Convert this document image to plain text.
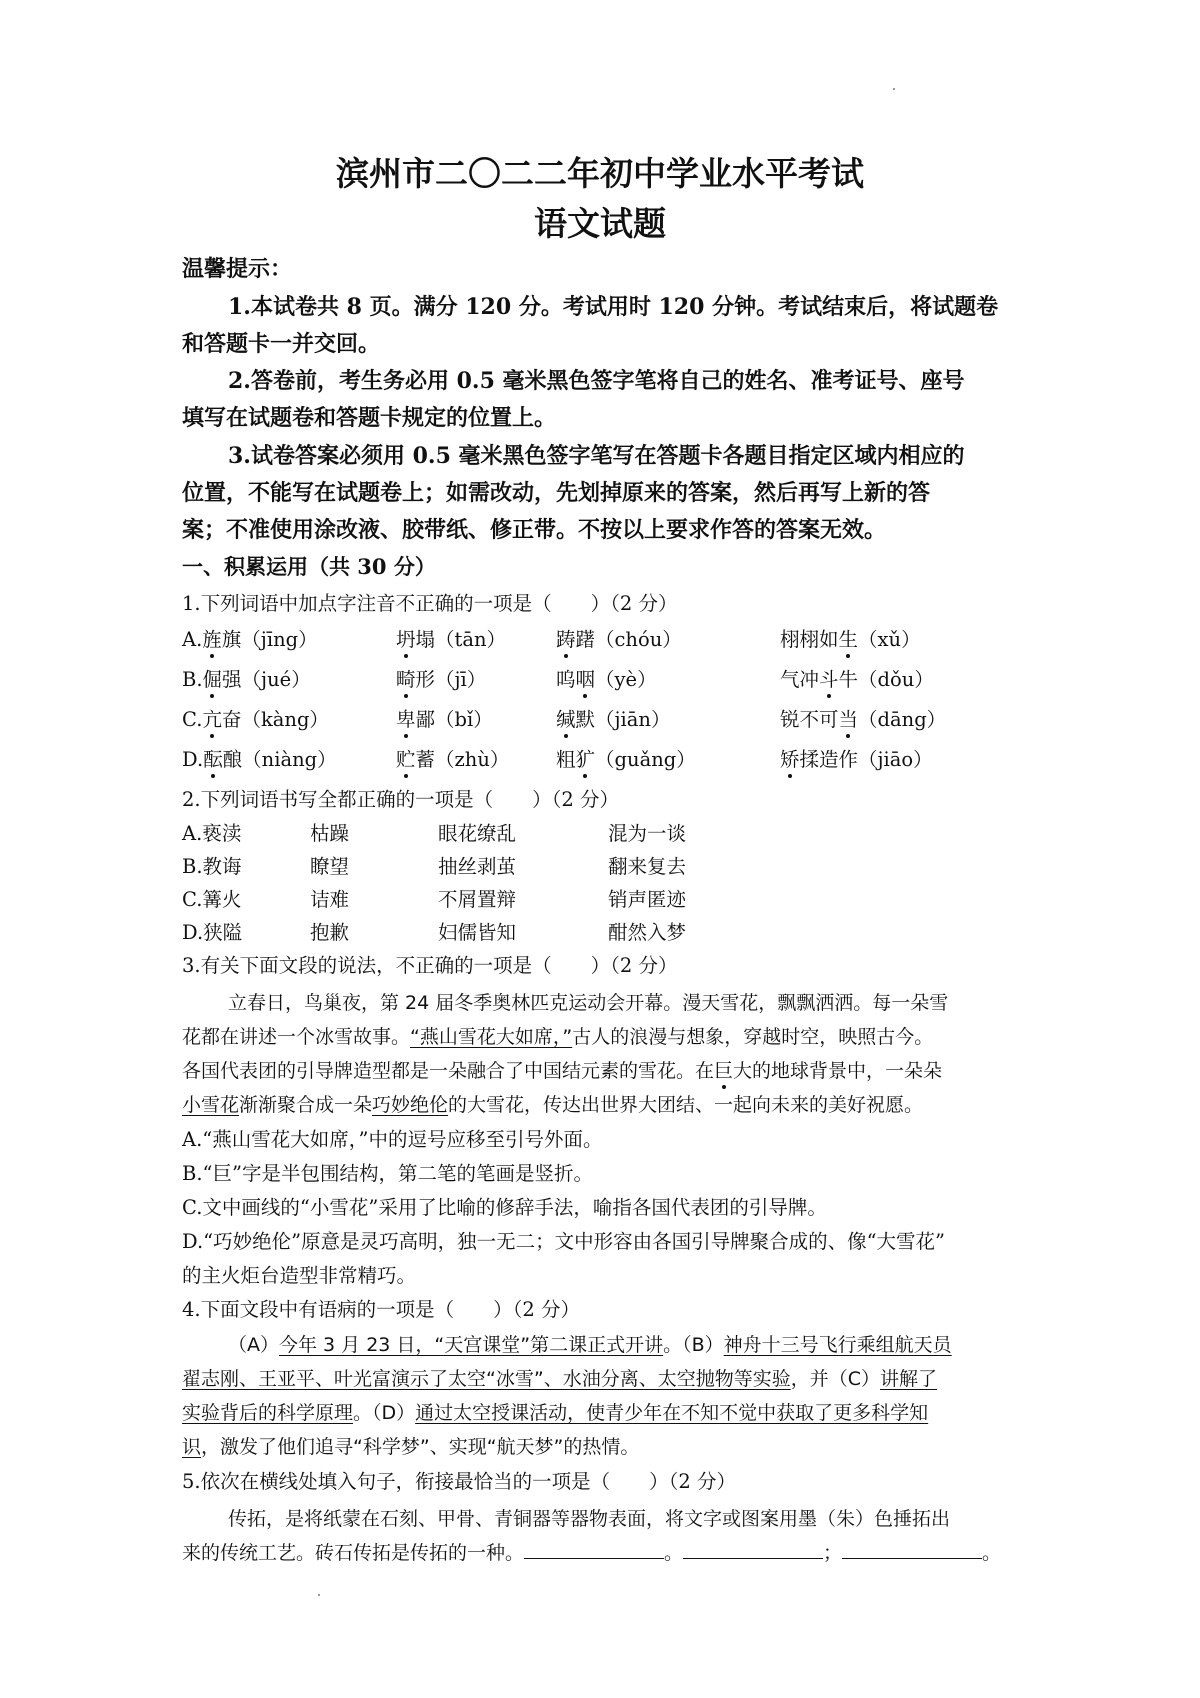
滨州市二〇二二年初中学业水平考试
语文试题
温馨提示：
1.本试卷共 8 页。满分 120 分。考试用时 120 分钟。考试结束后，将试题卷
和答题卡一并交回。
2.答卷前，考生务必用 0.5 毫米黑色签字笔将自己的姓名、准考证号、座号
填写在试题卷和答题卡规定的位置上。
3.试卷答案必须用 0.5 毫米黑色签字笔写在答题卡各题目指定区域内相应的
位置，不能写在试题卷上；如需改动，先划掉原来的答案，然后再写上新的答
案；不准使用涂改液、胶带纸、修正带。不按以上要求作答的答案无效。
一、积累运用（共 30 分）
1.下列词语中加点字注音不正确的一项是（　　）（2 分）
A.旌旗（jīng）	坍塌（tān）	踌躇（chóu）	栩栩如生（xǔ）
B.倔强（jué）	畸形（jī）	呜咽（yè）	气冲斗牛（dǒu）
C.亢奋（kàng）	卑鄙（bǐ）	缄默（jiān）	锐不可当（dāng）
D.酝酿（niàng）	贮蓄（zhù） 粗犷（guǎng）	矫揉造作（jiāo）
2.下列词语书写全都正确的一项是（　　）（2 分）
A.亵渎	枯躁	眼花缭乱	混为一谈
B.教诲	瞭望	抽丝剥茧	翻来复去
C.篝火	诘难	不屑置辩	销声匿迹
D.狭隘	抱歉	妇儒皆知	酣然入梦
3.有关下面文段的说法，不正确的一项是（　　）（2 分）
立春日，鸟巢夜，第 24 届冬季奥林匹克运动会开幕。漫天雪花，飘飘洒洒。每一朵雪
花都在讲述一个冰雪故事。“燕山雪花大如席，”古人的浪漫与想象，穿越时空，映照古今。
各国代表团的引导牌造型都是一朵融合了中国结元素的雪花。在巨大的地球背景中，一朵朵
小雪花渐渐聚合成一朵巧妙绝伦的大雪花，传达出世界大团结、一起向未来的美好祝愿。
A.“燕山雪花大如席，”中的逗号应移至引号外面。
B.“巨”字是半包围结构，第二笔的笔画是竖折。
C.文中画线的“小雪花”采用了比喻的修辞手法，喻指各国代表团的引导牌。
D.“巧妙绝伦”原意是灵巧高明，独一无二；文中形容由各国引导牌聚合成的、像“大雪花”
的主火炬台造型非常精巧。
4.下面文段中有语病的一项是（　　）（2 分）
（A）今年 3 月 23 日，“天宫课堂”第二课正式开讲。（B）神舟十三号飞行乘组航天员
翟志刚、王亚平、叶光富演示了太空“冰雪”、水油分离、太空抛物等实验，并（C）讲解了
实验背后的科学原理。（D）通过太空授课活动，使青少年在不知不觉中获取了更多科学知
识，激发了他们追寻“科学梦”、实现“航天梦”的热情。
5.依次在横线处填入句子，衔接最恰当的一项是（　　）（2 分）
传拓，是将纸蒙在石刻、甲骨、青铜器等器物表面，将文字或图案用墨（朱）色捶拓出
来的传统工艺。砖石传拓是传拓的一种。	。	；	。
